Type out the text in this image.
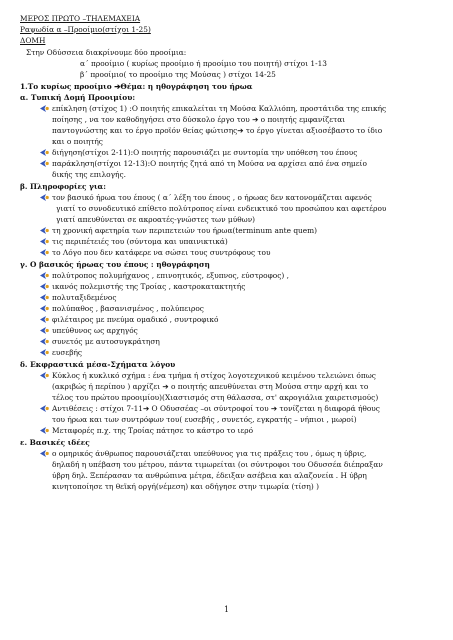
ΜΕΡΟΣ ΠΡΩΤΟ –ΤΗΛΕΜΑΧΕΙΑ
Ραψωδία α –Προοίμιο(στίχοι 1-25)
ΔΟΜΗ
Στην Οδύσσεια διακρίνουμε δύο προοίμια:
α΄ προοίμιο ( κυρίως προοίμιο ή προοίμιο του ποιητή) στίχοι 1-13
β΄ προοίμιο( το προοίμιο της Μούσας ) στίχοι 14-25
1.Το κυρίως προοίμιο ➔Θέμα: η ηθογράφηση του ήρωα
α. Τυπική Δομή Προοιμίου:
επίκληση (στίχος 1) :Ο ποιητής επικαλείται τη Μούσα Καλλιόπη, προστάτιδα της επικής
ποίησης , να τον καθοδηγήσει στο δύσκολο έργο του ➔ ο ποιητής εμφανίζεται
παντογνώστης και το έργο προϊόν θείας φώτισης➔ το έργο γίνεται αξιοσέβαστο το ίδιο
και ο ποιητής
διήγηση(στίχοι 2-11):Ο ποιητής παρουσιάζει με συντομία την υπόθεση του έπους
παράκληση(στίχοι 12-13):Ο ποιητής ζητά από τη Μούσα να αρχίσει από ένα σημείο
δικής της επιλογής.
β. Πληροφορίες για:
τον βασικό ήρωα του έπους ( α΄ λέξη του έπους , ο ήρωας δεν κατονομάζεται αφενός
γιατί το συνοδευτικό επίθετο πολύτροπος είναι ενδεικτικό του προσώπου και αφετέρου
γιατί απευθύνεται σε ακροατές-γνώστες των μύθων)
τη χρονική αφετηρία των περιπετειών του ήρωα(terminum ante quem)
τις περιπέτειές του (σύντομα και υπαινικτικά)
το Λόγο που δεν κατάφερε να σώσει τους συντρόφους του
γ. Ο βασικός ήρωας του έπους : ηθογράφηση
πολύτροπος πολυμήχανος , επινοητικός, εξυπνος, εύστροφος) ,
ικανός πολεμιστής της Τροίας , καστροκατακτητής
πολυταξιδεμένος
πολύπαθος , βασανισμένος , πολύπειρος
φιλέταιρος με πνεύμα ομαδικό , συντροφικό
υπεύθυνος ως αρχηγός
συνετός με αυτοσυγκράτηση
ευσεβής
δ. Εκφραστικά μέσα-Σχήματα λόγου
Κύκλος ή κυκλικό σχήμα : ένα τμήμα ή στίχος λογοτεχνικού κειμένου τελειώνει όπως
(ακριβώς ή περίπου ) αρχίζει ➔ ο ποιητής απευθύνεται στη Μούσα στην αρχή και το
τέλος του πρώτου προοιμίου)(Χιαστισμός στη θάλασσα, στ' ακρογιάλια χαιρετισμούς)
Αντιθέσεις : στίχοι 7-11➔ Ο Οδυσσέας –οι σύντροφοί του ➔ τονίζεται η διαφορά ήθους
του ήρωα και των συντρόφων του( ευσεβής , συνετός, εγκρατής – νήπιοι , μωροί)
Μεταφορές π.χ. της Τροίας πάτησε το κάστρο το ιερό
ε. Βασικές ιδέες
ο ομηρικός άνθρωπος παρουσιάζεται υπεύθυνος για τις πράξεις του , όμως η ύβρις,
δηλαδή η υπέβαση του μέτρου, πάντα τιμωρείται (οι σύντροφοι του Οδυσσέα διέπραξαν
ύβρη δηλ. Ξεπέρασαν τα ανθρώπινα μέτρα, έδειξαν ασέβεια και αλαζονεία . Η ύβρη
κινητοποίησε τη θεϊκή οργή(νέμεση) και οδήγησε στην τιμωρία (τίση) )
1
